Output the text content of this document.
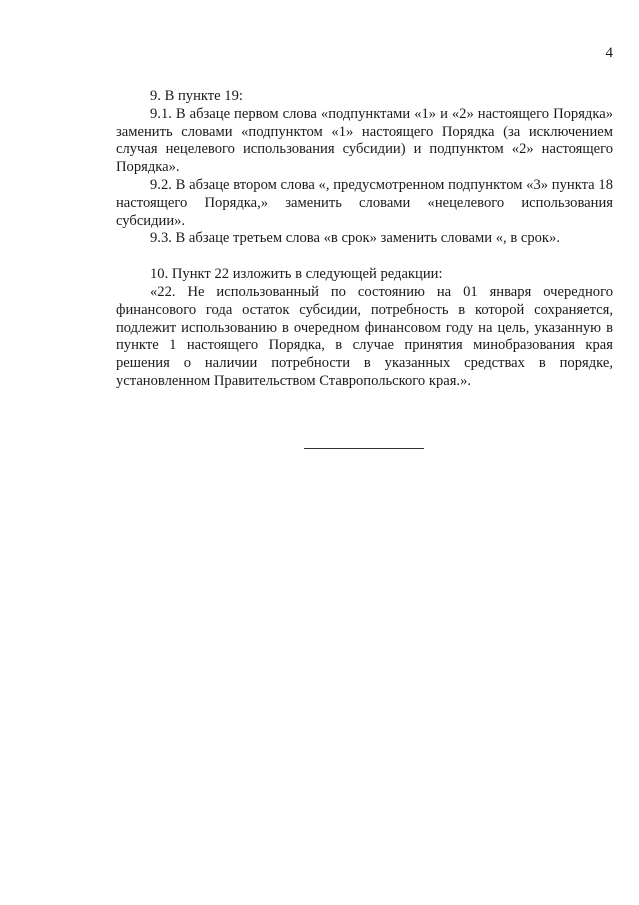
4

9. В пункте 19:

9.1. В абзаце первом слова «подпунктами «1» и «2» настоящего Порядка» заменить словами «подпунктом «1» настоящего Порядка (за исключением случая нецелевого использования субсидии) и подпунктом «2» настоящего Порядка».

9.2. В абзаце втором слова «, предусмотренном подпунктом «3» пункта 18 настоящего Порядка,» заменить словами «нецелевого использования субсидии».

9.3. В абзаце третьем слова «в срок» заменить словами «, в срок».

10. Пункт 22 изложить в следующей редакции:

«22. Не использованный по состоянию на 01 января очередного финансового года остаток субсидии, потребность в которой сохраняется, подлежит использованию в очередном финансовом году на цель, указанную в пункте 1 настоящего Порядка, в случае принятия минобразования края решения о наличии потребности в указанных средствах в порядке, установленном Правительством Ставропольского края.».
